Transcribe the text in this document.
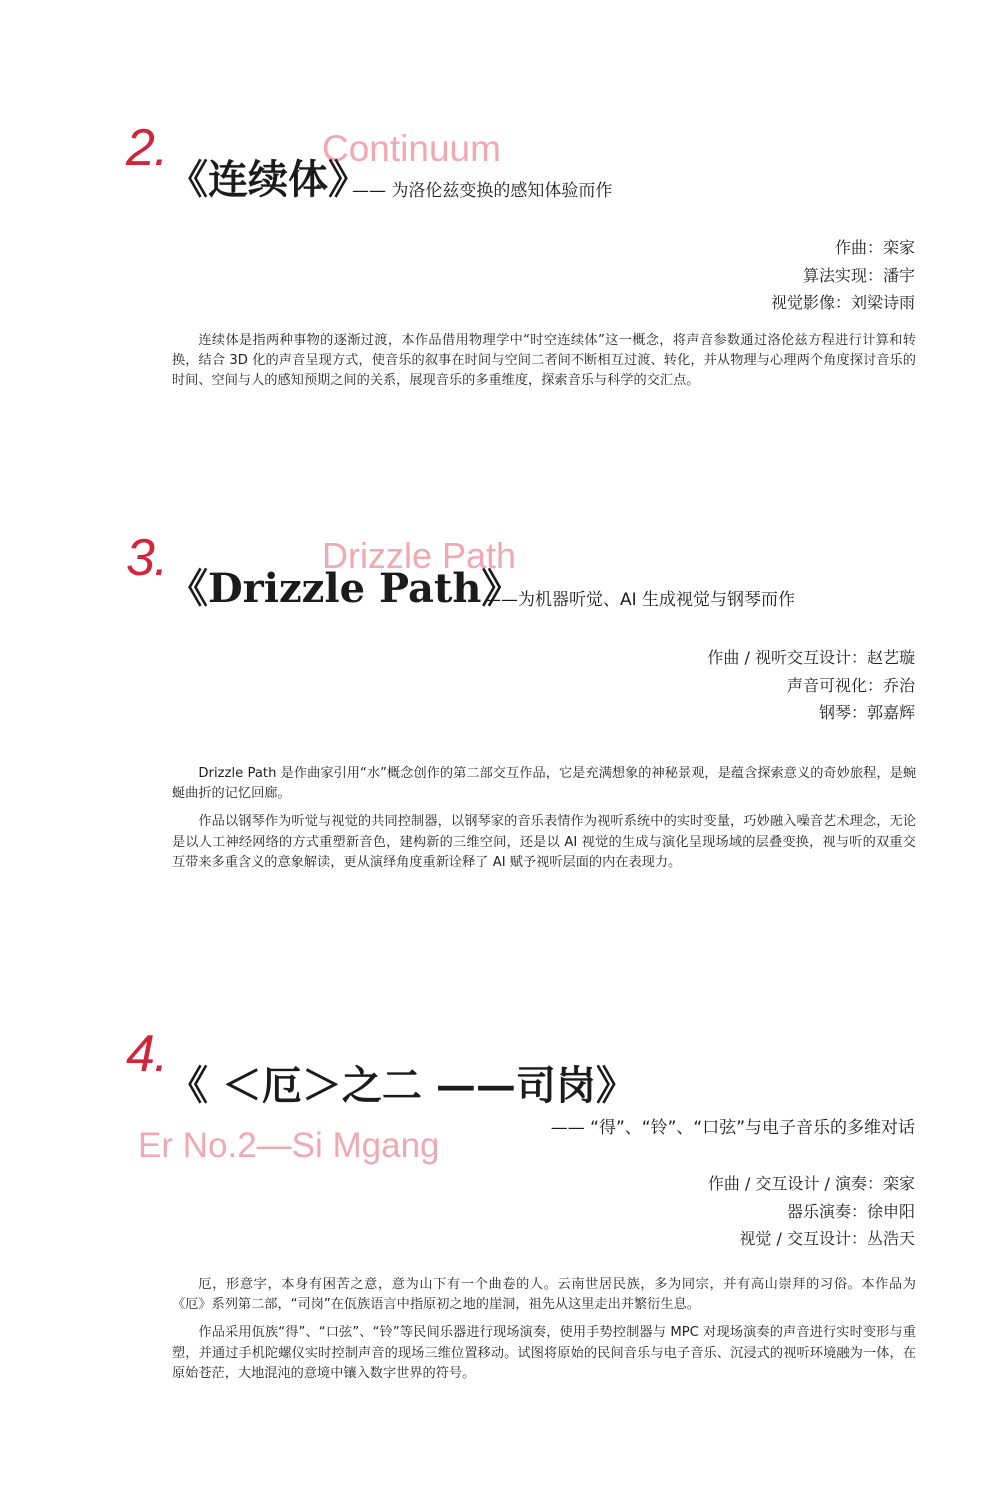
2.	Continuum
《连续体》
—— 为洛伦兹变换的感知体验而作
作曲：栾家
算法实现：潘宇
视觉影像：刘梁诗雨

连续体是指两种事物的逐渐过渡，本作品借用物理学中“时空连续体”这一概念，将声音参数通过洛伦兹方程进行计算和转换，结合 3D 化的声音呈现方式，使音乐的叙事在时间与空间二者间不断相互过渡、转化，并从物理与心理两个角度探讨音乐的时间、空间与人的感知预期之间的关系，展现音乐的多重维度，探索音乐与科学的交汇点。

3.	Drizzle Path
《Drizzle Path》
——为机器听觉、AI 生成视觉与钢琴而作
作曲 / 视听交互设计：赵艺璇
声音可视化：乔治
钢琴：郭嘉辉

Drizzle Path 是作曲家引用“水”概念创作的第二部交互作品，它是充满想象的神秘景观，是蕴含探索意义的奇妙旅程，是蜿蜒曲折的记忆回廊。

作品以钢琴作为听觉与视觉的共同控制器，以钢琴家的音乐表情作为视听系统中的实时变量，巧妙融入噪音艺术理念，无论是以人工神经网络的方式重塑新音色，建构新的三维空间，还是以 AI 视觉的生成与演化呈现场域的层叠变换，视与听的双重交互带来多重含义的意象解读，更从演绎角度重新诠释了 AI 赋予视听层面的内在表现力。

4.
《 ＜厄＞之二 ——司岗》
—— “得”、“铃”、“口弦”与电子音乐的多维对话
Er No.2—Si Mgang
作曲 / 交互设计 / 演奏：栾家
器乐演奏：徐申阳
视觉 / 交互设计：丛浩天

厄，形意字，本身有困苦之意，意为山下有一个曲卷的人。云南世居民族，多为同宗，并有高山崇拜的习俗。本作品为《厄》系列第二部，“司岗”在佤族语言中指原初之地的崖洞，祖先从这里走出并繁衍生息。

作品采用佤族“得”、“口弦”、“铃”等民间乐器进行现场演奏，使用手势控制器与 MPC 对现场演奏的声音进行实时变形与重塑，并通过手机陀螺仪实时控制声音的现场三维位置移动。试图将原始的民间音乐与电子音乐、沉浸式的视听环境融为一体，在原始苍茫，大地混沌的意境中镶入数字世界的符号。
